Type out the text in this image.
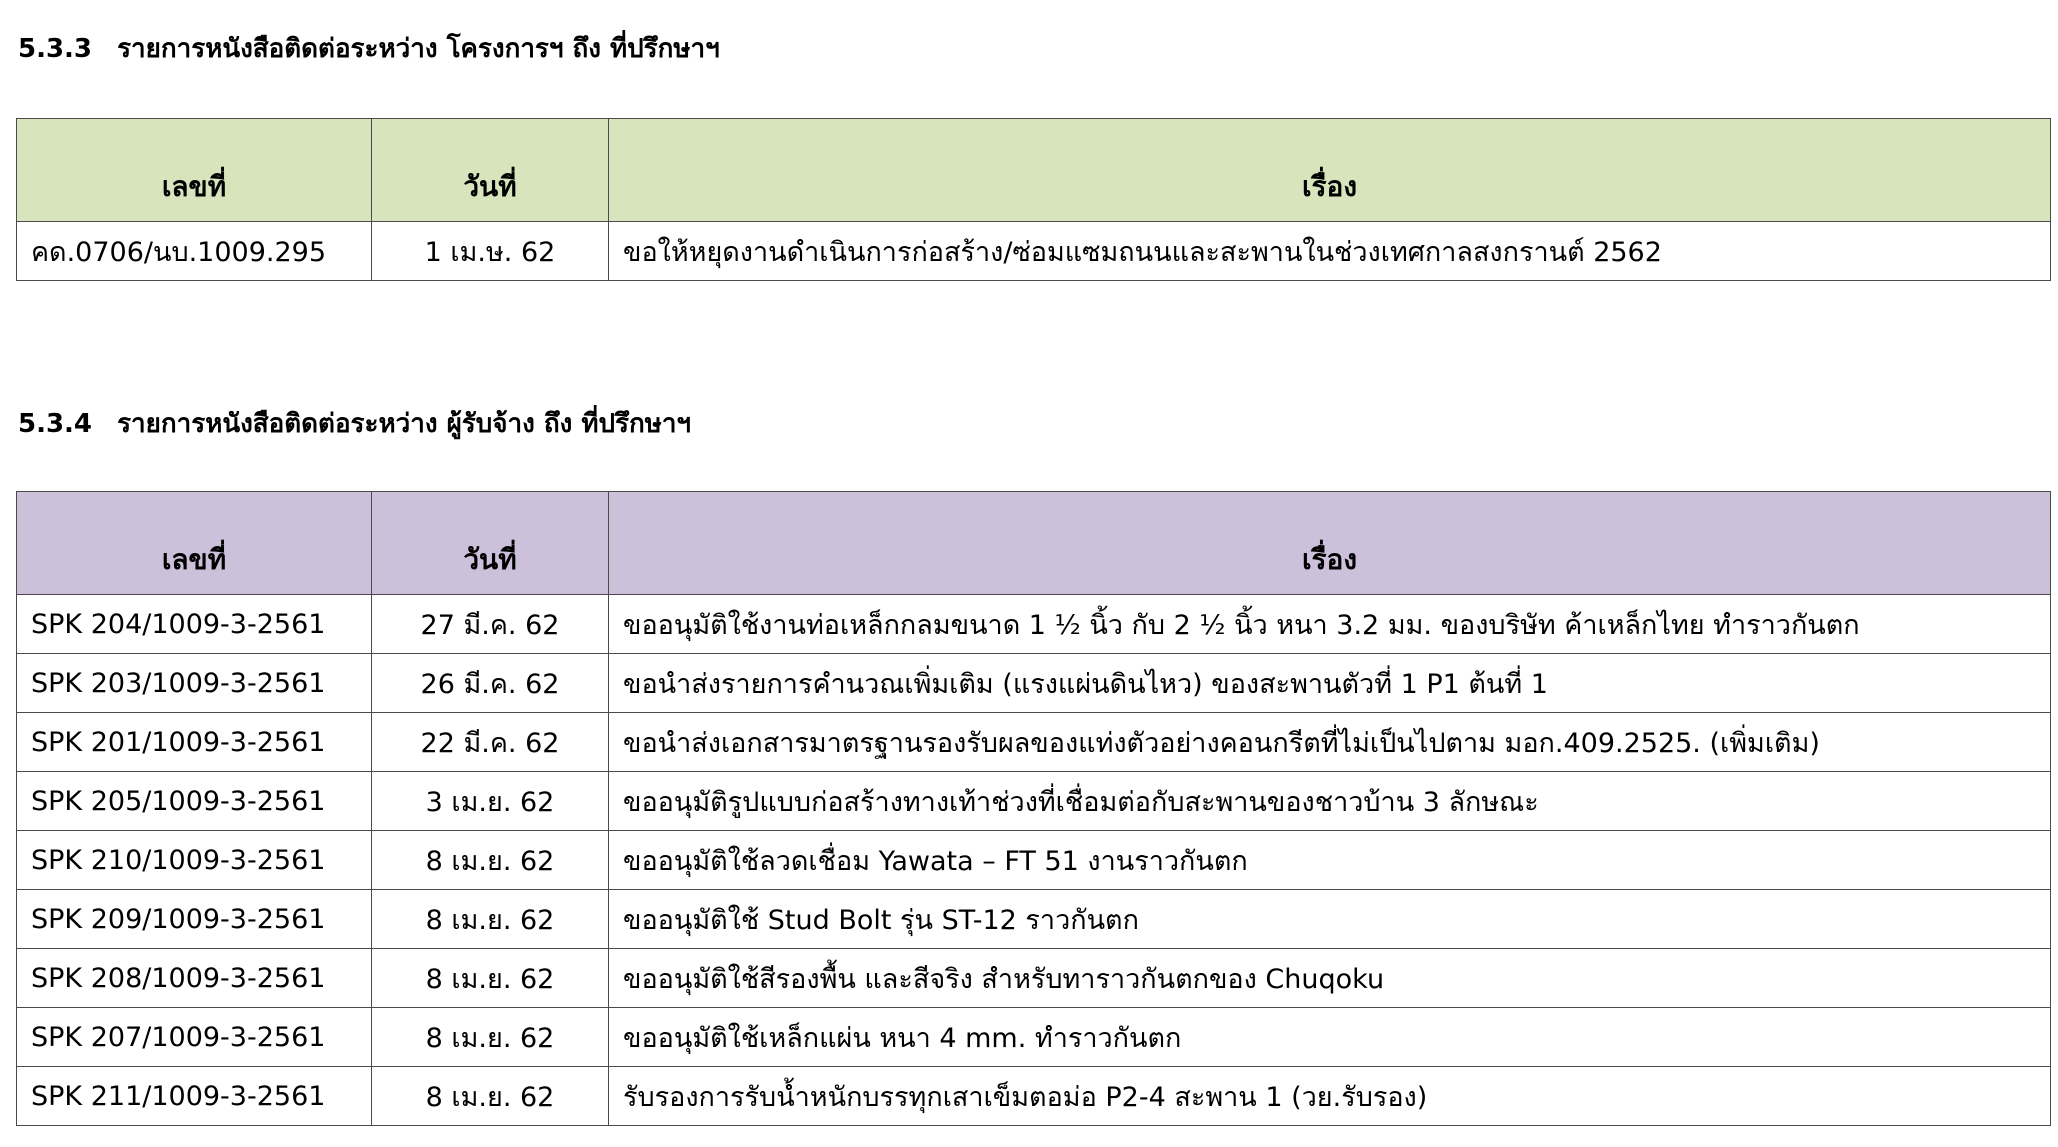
5.3.3 รายการหนังสือติดต่อระหว่าง โครงการฯ ถึง ที่ปรึกษาฯ
เลขที่	วันที่	เรื่อง
คด.0706/นบ.1009.295	1 เม.ษ. 62	ขอให้หยุดงานดำเนินการก่อสร้าง/ซ่อมแซมถนนและสะพานในช่วงเทศกาลสงกรานต์ 2562
5.3.4 รายการหนังสือติดต่อระหว่าง ผู้รับจ้าง ถึง ที่ปรึกษาฯ
เลขที่	วันที่	เรื่อง
SPK 204/1009-3-2561	27 มี.ค. 62	ขออนุมัติใช้งานท่อเหล็กกลมขนาด 1 ½ นิ้ว กับ 2 ½ นิ้ว หนา 3.2 มม. ของบริษัท ค้าเหล็กไทย ทำราวกันตก
SPK 203/1009-3-2561	26 มี.ค. 62	ขอนำส่งรายการคำนวณเพิ่มเติม (แรงแผ่นดินไหว) ของสะพานตัวที่ 1 P1 ต้นที่ 1
SPK 201/1009-3-2561	22 มี.ค. 62	ขอนำส่งเอกสารมาตรฐานรองรับผลของแท่งตัวอย่างคอนกรีตที่ไม่เป็นไปตาม มอก.409.2525. (เพิ่มเติม)
SPK 205/1009-3-2561	3 เม.ย. 62	ขออนุมัติรูปแบบก่อสร้างทางเท้าช่วงที่เชื่อมต่อกับสะพานของชาวบ้าน 3 ลักษณะ
SPK 210/1009-3-2561	8 เม.ย. 62	ขออนุมัติใช้ลวดเชื่อม Yawata – FT 51 งานราวกันตก
SPK 209/1009-3-2561	8 เม.ย. 62	ขออนุมัติใช้ Stud Bolt รุ่น ST-12 ราวกันตก
SPK 208/1009-3-2561	8 เม.ย. 62	ขออนุมัติใช้สีรองพื้น และสีจริง สำหรับทาราวกันตกของ Chuqoku
SPK 207/1009-3-2561	8 เม.ย. 62	ขออนุมัติใช้เหล็กแผ่น หนา 4 mm. ทำราวกันตก
SPK 211/1009-3-2561	8 เม.ย. 62	รับรองการรับน้ำหนักบรรทุกเสาเข็มตอม่อ P2-4 สะพาน 1 (วย.รับรอง)
